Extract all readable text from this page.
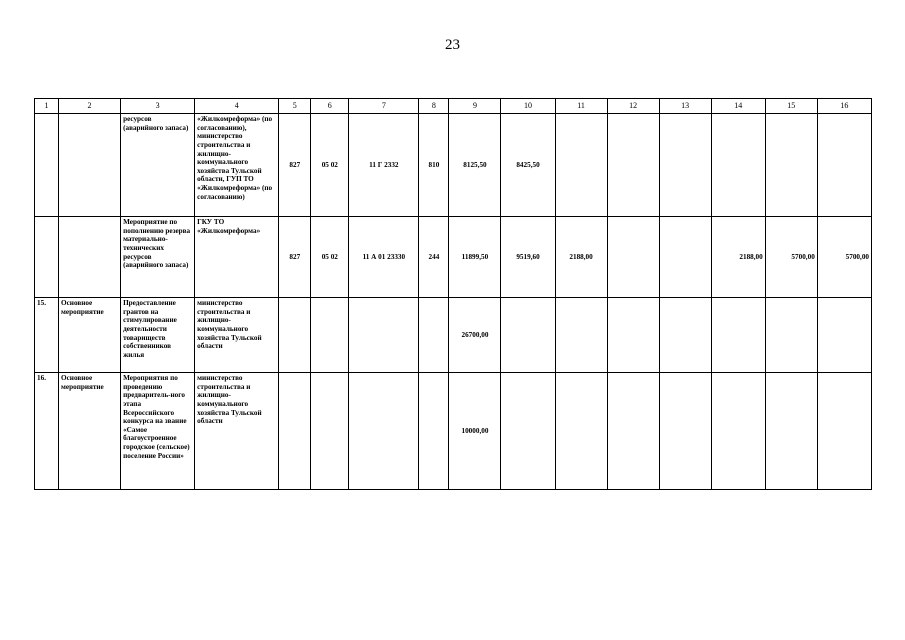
23
1	2	3	4	5	6	7	8	9	10	11	12	13	14	15	16
		ресурсов (аварийного запаса)	«Жилкомреформа» (по согласованию), министерство строительства и жилищно-коммунального хозяйства Тульской области, ГУП ТО «Жилкомреформа» (по согласованию)	827	05 02	11 Г 2332	810	8125,50	8425,50						
		Мероприятие по пополнению резерва материально-технических ресурсов (аварийного запаса)	ГКУ ТО «Жилкомреформа»	827	05 02	11 А 01 23330	244	11899,50	9519,60	2188,00			2188,00	5700,00	5700,00
15.	Основное мероприятие	Предоставление грантов на стимулирование деятельности товариществ собственников жилья	министерство строительства и жилищно-коммунального хозяйства Тульской области					26700,00							
16.	Основное мероприятие	Мероприятия по проведению предваритель-ного этапа Всероссийского конкурса на звание «Самое благоустроенное городское (сельское) поселение России»	министерство строительства и жилищно-коммунального хозяйства Тульской области					10000,00							
